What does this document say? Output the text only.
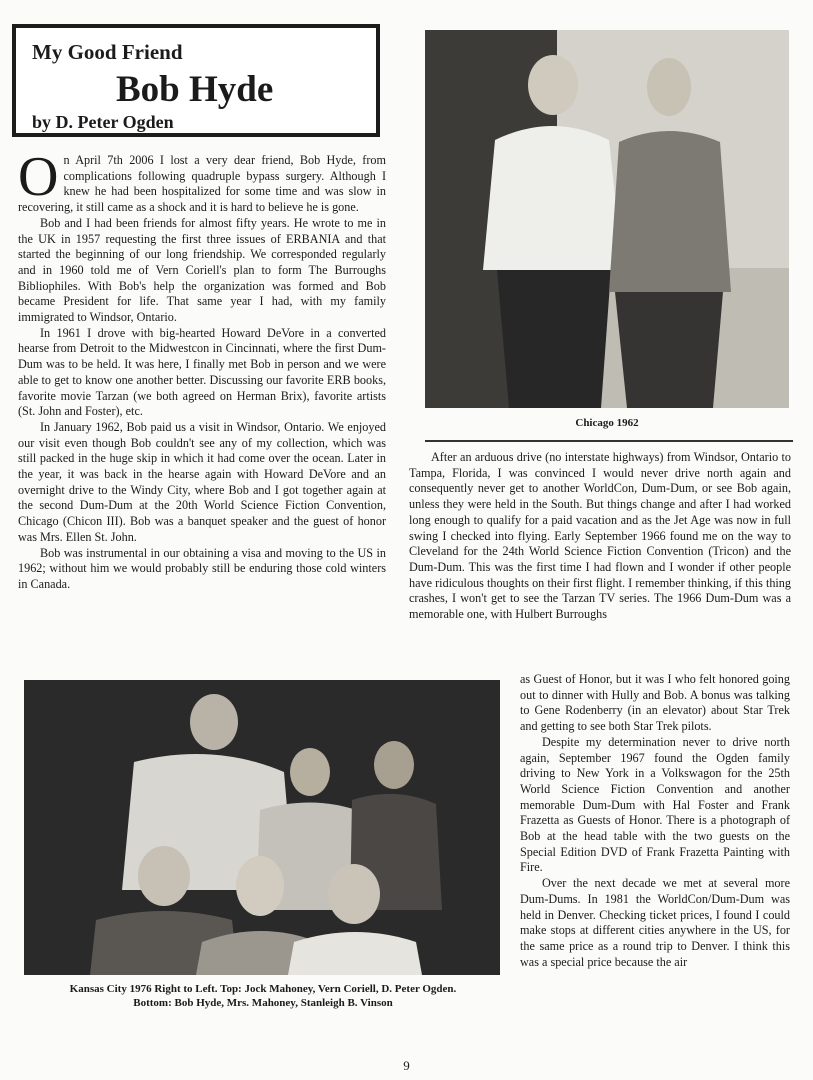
My Good Friend
Bob Hyde
by D. Peter Ogden

On April 7th 2006 I lost a very dear friend, Bob Hyde, from complications following quadruple bypass surgery. Although I knew he had been hospitalized for some time and was slow in recovering, it still came as a shock and it is hard to believe he is gone.

Bob and I had been friends for almost fifty years. He wrote to me in the UK in 1957 requesting the first three issues of ERBANIA and that started the beginning of our long friendship. We corresponded regularly and in 1960 told me of Vern Coriell's plan to form The Burroughs Bibliophiles. With Bob's help the organization was formed and Bob became President for life. That same year I had, with my family immigrated to Windsor, Ontario.

In 1961 I drove with big-hearted Howard DeVore in a converted hearse from Detroit to the Midwestcon in Cincinnati, where the first Dum-Dum was to be held. It was here, I finally met Bob in person and we were able to get to know one another better. Discussing our favorite ERB books, favorite movie Tarzan (we both agreed on Herman Brix), favorite artists (St. John and Foster), etc.

In January 1962, Bob paid us a visit in Windsor, Ontario. We enjoyed our visit even though Bob couldn't see any of my collection, which was still packed in the huge skip in which it had come over the ocean. Later in the year, it was back in the hearse again with Howard DeVore and an overnight drive to the Windy City, where Bob and I got together again at the second Dum-Dum at the 20th World Science Fiction Convention, Chicago (Chicon III). Bob was a banquet speaker and the guest of honor was Mrs. Ellen St. John.

Bob was instrumental in our obtaining a visa and moving to the US in 1962; without him we would probably still be enduring those cold winters in Canada.

Chicago 1962

After an arduous drive (no interstate highways) from Windsor, Ontario to Tampa, Florida, I was convinced I would never drive north again and consequently never get to another WorldCon, Dum-Dum, or see Bob again, unless they were held in the South. But things change and after I had worked long enough to qualify for a paid vacation and as the Jet Age was now in full swing I checked into flying. Early September 1966 found me on the way to Cleveland for the 24th World Science Fiction Convention (Tricon) and the Dum-Dum. This was the first time I had flown and I wonder if other people have ridiculous thoughts on their first flight. I remember thinking, if this thing crashes, I won't get to see the Tarzan TV series. The 1966 Dum-Dum was a memorable one, with Hulbert Burroughs

Kansas City 1976 Right to Left. Top: Jock Mahoney, Vern Coriell, D. Peter Ogden.
Bottom: Bob Hyde, Mrs. Mahoney, Stanleigh B. Vinson

as Guest of Honor, but it was I who felt honored going out to dinner with Hully and Bob. A bonus was talking to Gene Rodenberry (in an elevator) about Star Trek and getting to see both Star Trek pilots.

Despite my determination never to drive north again, September 1967 found the Ogden family driving to New York in a Volkswagon for the 25th World Science Fiction Convention and another memorable Dum-Dum with Hal Foster and Frank Frazetta as Guests of Honor. There is a photograph of Bob at the head table with the two guests on the Special Edition DVD of Frank Frazetta Painting with Fire.

Over the next decade we met at several more Dum-Dums. In 1981 the WorldCon/Dum-Dum was held in Denver. Checking ticket prices, I found I could make stops at different cities anywhere in the US, for the same price as a round trip to Denver. I think this was a special price because the air

9
